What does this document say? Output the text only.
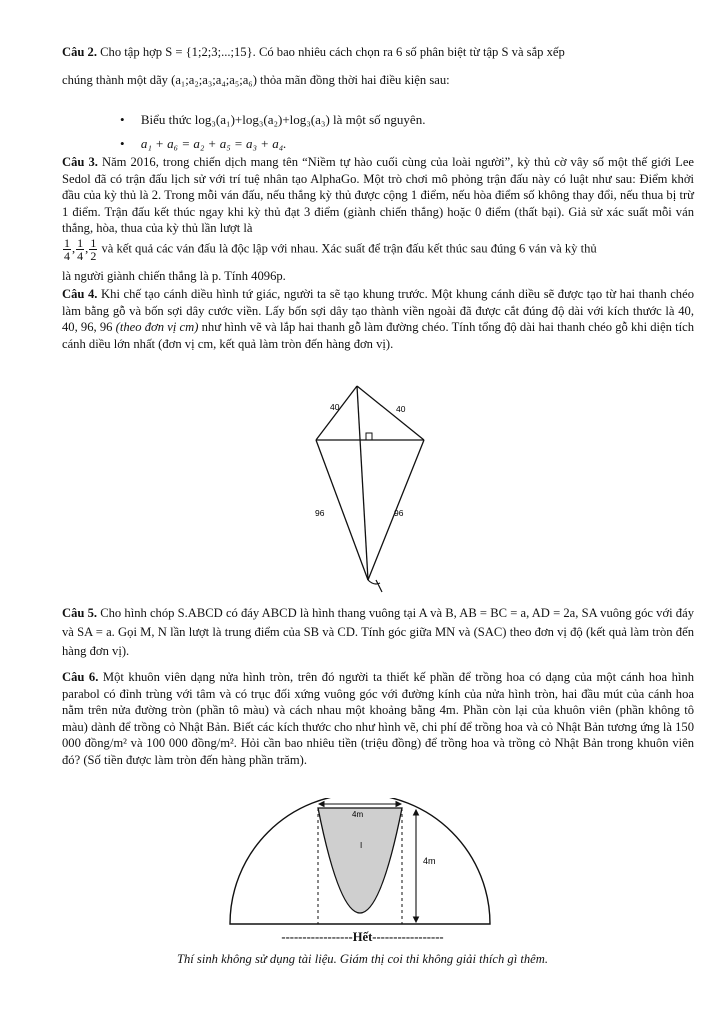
Câu 2. Cho tập hợp S = {1;2;3;...;15}. Có bao nhiêu cách chọn ra 6 số phân biệt từ tập S và sắp xếp
chúng thành một dãy (a₁;a₂;a₃;a₄;a₅;a₆) thỏa mãn đồng thời hai điều kiện sau:
• Biểu thức log₃(a₁)+log₃(a₂)+log₃(a₃) là một số nguyên.
• a₁ + a₆ = a₂ + a₅ = a₃ + a₄.
Câu 3. Năm 2016, trong chiến dịch mang tên “Niềm tự hào cuối cùng của loài người”, kỳ thủ cờ vây số một thế giới Lee Sedol đã có trận đấu lịch sử với trí tuệ nhân tạo AlphaGo. Một trò chơi mô phỏng trận đấu này có luật như sau: Điểm khởi đầu của kỳ thủ là 2. Trong mỗi ván đấu, nếu thắng kỳ thủ được cộng 1 điểm, nếu hòa điểm số không thay đổi, nếu thua bị trừ 1 điểm. Trận đấu kết thúc ngay khi kỳ thủ đạt 3 điểm (giành chiến thắng) hoặc 0 điểm (thất bại). Giả sử xác suất mỗi ván thắng, hòa, thua của kỳ thủ lần lượt là
$\frac{1}{4}$ , $\frac{1}{4}$ , $\frac{1}{2}$ và kết quả các ván đấu là độc lập với nhau. Xác suất để trận đấu kết thúc sau đúng 6 ván và kỳ thủ
là người giành chiến thắng là p. Tính 4096p.
Câu 4. Khi chế tạo cánh diều hình tứ giác, người ta sẽ tạo khung trước. Một khung cánh diều sẽ được tạo từ hai thanh chéo làm bằng gỗ và bốn sợi dây cước viền. Lấy bốn sợi dây tạo thành viền ngoài đã được cắt đúng độ dài với kích thước là 40, 40, 96, 96 (theo đơn vị cm) như hình vẽ và lắp hai thanh gỗ làm đường chéo. Tính tổng độ dài hai thanh chéo gỗ khi diện tích cánh diều lớn nhất (đơn vị cm, kết quả làm tròn đến hàng đơn vị).
40	40
96	96
Câu 5. Cho hình chóp S.ABCD có đáy ABCD là hình thang vuông tại A và B, AB = BC = a, AD = 2a, SA vuông góc với đáy và SA = a. Gọi M, N lần lượt là trung điểm của SB và CD. Tính góc giữa MN và (SAC) theo đơn vị độ (kết quả làm tròn đến hàng đơn vị).
Câu 6. Một khuôn viên dạng nửa hình tròn, trên đó người ta thiết kế phần để trồng hoa có dạng của một cánh hoa hình parabol có đỉnh trùng với tâm và có trục đối xứng vuông góc với đường kính của nửa hình tròn, hai đầu mút của cánh hoa nằm trên nửa đường tròn (phần tô màu) và cách nhau một khoảng bằng 4m. Phần còn lại của khuôn viên (phần không tô màu) dành để trồng cỏ Nhật Bản. Biết các kích thước cho như hình vẽ, chi phí để trồng hoa và cỏ Nhật Bản tương ứng là 150 000 đồng/m² và 100 000 đồng/m². Hỏi cần bao nhiêu tiền (triệu đồng) để trồng hoa và trồng cỏ Nhật Bản trong khuôn viên đó? (Số tiền được làm tròn đến hàng phần trăm).
4m
4m
I
-----------------Hết-----------------
Thí sinh không sử dụng tài liệu. Giám thị coi thi không giải thích gì thêm.
